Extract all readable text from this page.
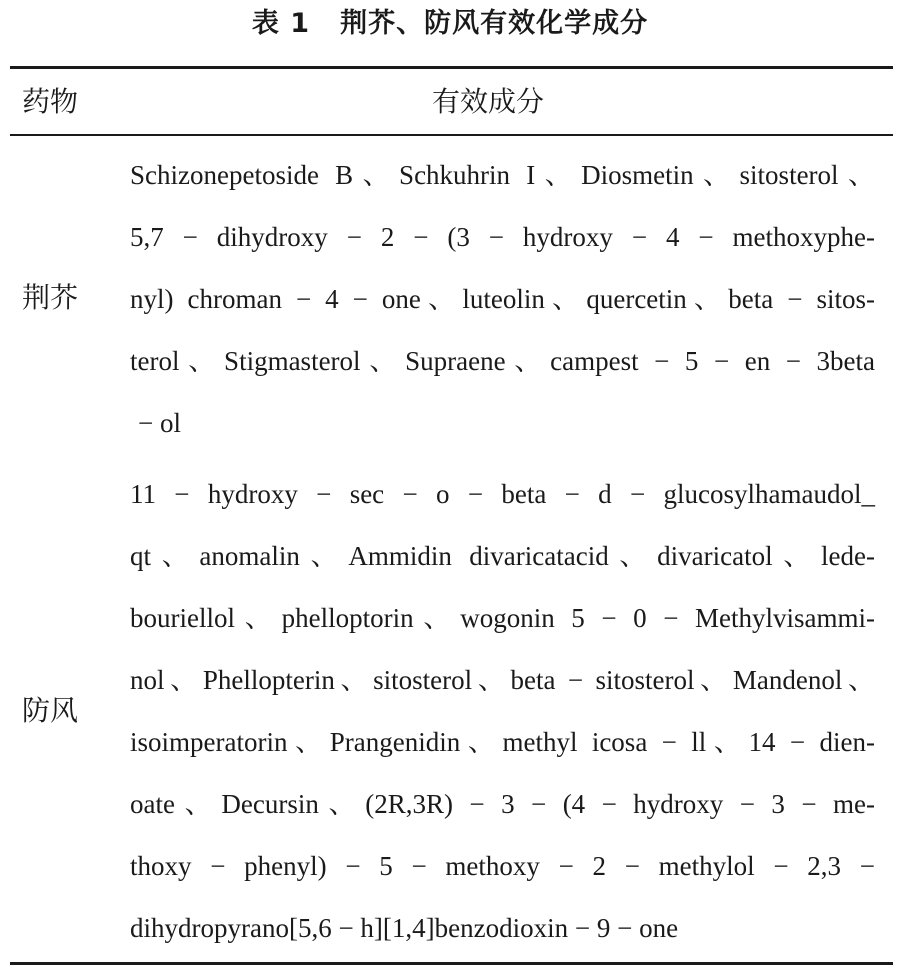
表 1 荆芥、防风有效化学成分
药物	有效成分
荆芥
Schizonepetoside B、Schkuhrin I、Diosmetin、sitosterol、
5,7 − dihydroxy − 2 − (3 − hydroxy − 4 − methoxyphe-
nyl) chroman − 4 − one、luteolin、quercetin、beta − sitos-
terol、Stigmasterol、Supraene、campest − 5 − en − 3beta
− ol
防风
11 − hydroxy − sec − o − beta − d − glucosylhamaudol_
qt、anomalin、Ammidin divaricatacid、divaricatol、lede-
bouriellol、phelloptorin、wogonin 5 − 0 − Methylvisammi-
nol、Phellopterin、sitosterol、beta − sitosterol、Mandenol、
isoimperatorin、Prangenidin、methyl icosa − ll、14 − dien-
oate、Decursin、(2R,3R) − 3 − (4 − hydroxy − 3 − me-
thoxy − phenyl) − 5 − methoxy − 2 − methylol − 2,3 −
dihydropyrano[5,6 − h][1,4]benzodioxin − 9 − one
